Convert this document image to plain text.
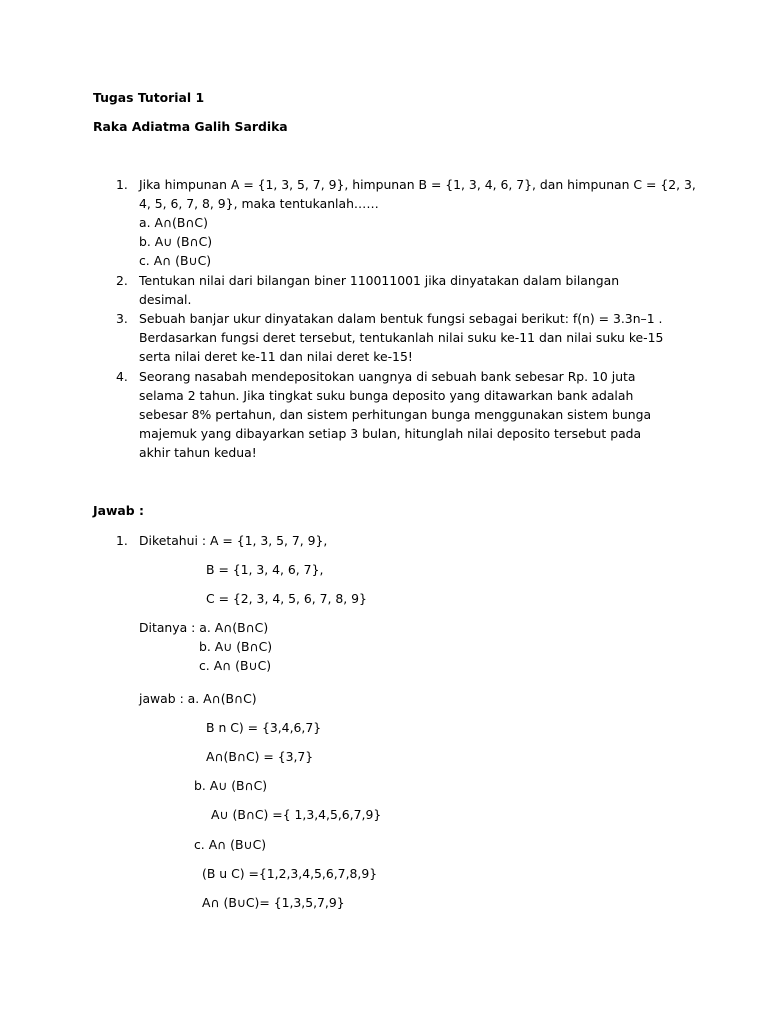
Tugas Tutorial 1
Raka Adiatma Galih Sardika
1. Jika himpunan A = {1, 3, 5, 7, 9}, himpunan B = {1, 3, 4, 6, 7}, dan himpunan C = {2, 3,
4, 5, 6, 7, 8, 9}, maka tentukanlah……
a. A∩(B∩C)
b. A∪ (B∩C)
c. A∩ (B∪C)
2. Tentukan nilai dari bilangan biner 110011001 jika dinyatakan dalam bilangan
desimal.
3. Sebuah banjar ukur dinyatakan dalam bentuk fungsi sebagai berikut: f(n) = 3.3n–1 .
Berdasarkan fungsi deret tersebut, tentukanlah nilai suku ke-11 dan nilai suku ke-15
serta nilai deret ke-11 dan nilai deret ke-15!
4. Seorang nasabah mendepositokan uangnya di sebuah bank sebesar Rp. 10 juta
selama 2 tahun. Jika tingkat suku bunga deposito yang ditawarkan bank adalah
sebesar 8% pertahun, dan sistem perhitungan bunga menggunakan sistem bunga
majemuk yang dibayarkan setiap 3 bulan, hitunglah nilai deposito tersebut pada
akhir tahun kedua!
Jawab :
1. Diketahui : A = {1, 3, 5, 7, 9},
B = {1, 3, 4, 6, 7},
C = {2, 3, 4, 5, 6, 7, 8, 9}
Ditanya : a. A∩(B∩C)
b. A∪ (B∩C)
c. A∩ (B∪C)
jawab : a. A∩(B∩C)
B n C) = {3,4,6,7}
A∩(B∩C) = {3,7}
b. A∪ (B∩C)
A∪ (B∩C) ={ 1,3,4,5,6,7,9}
c. A∩ (B∪C)
(B u C) ={1,2,3,4,5,6,7,8,9}
A∩ (B∪C)= {1,3,5,7,9}
